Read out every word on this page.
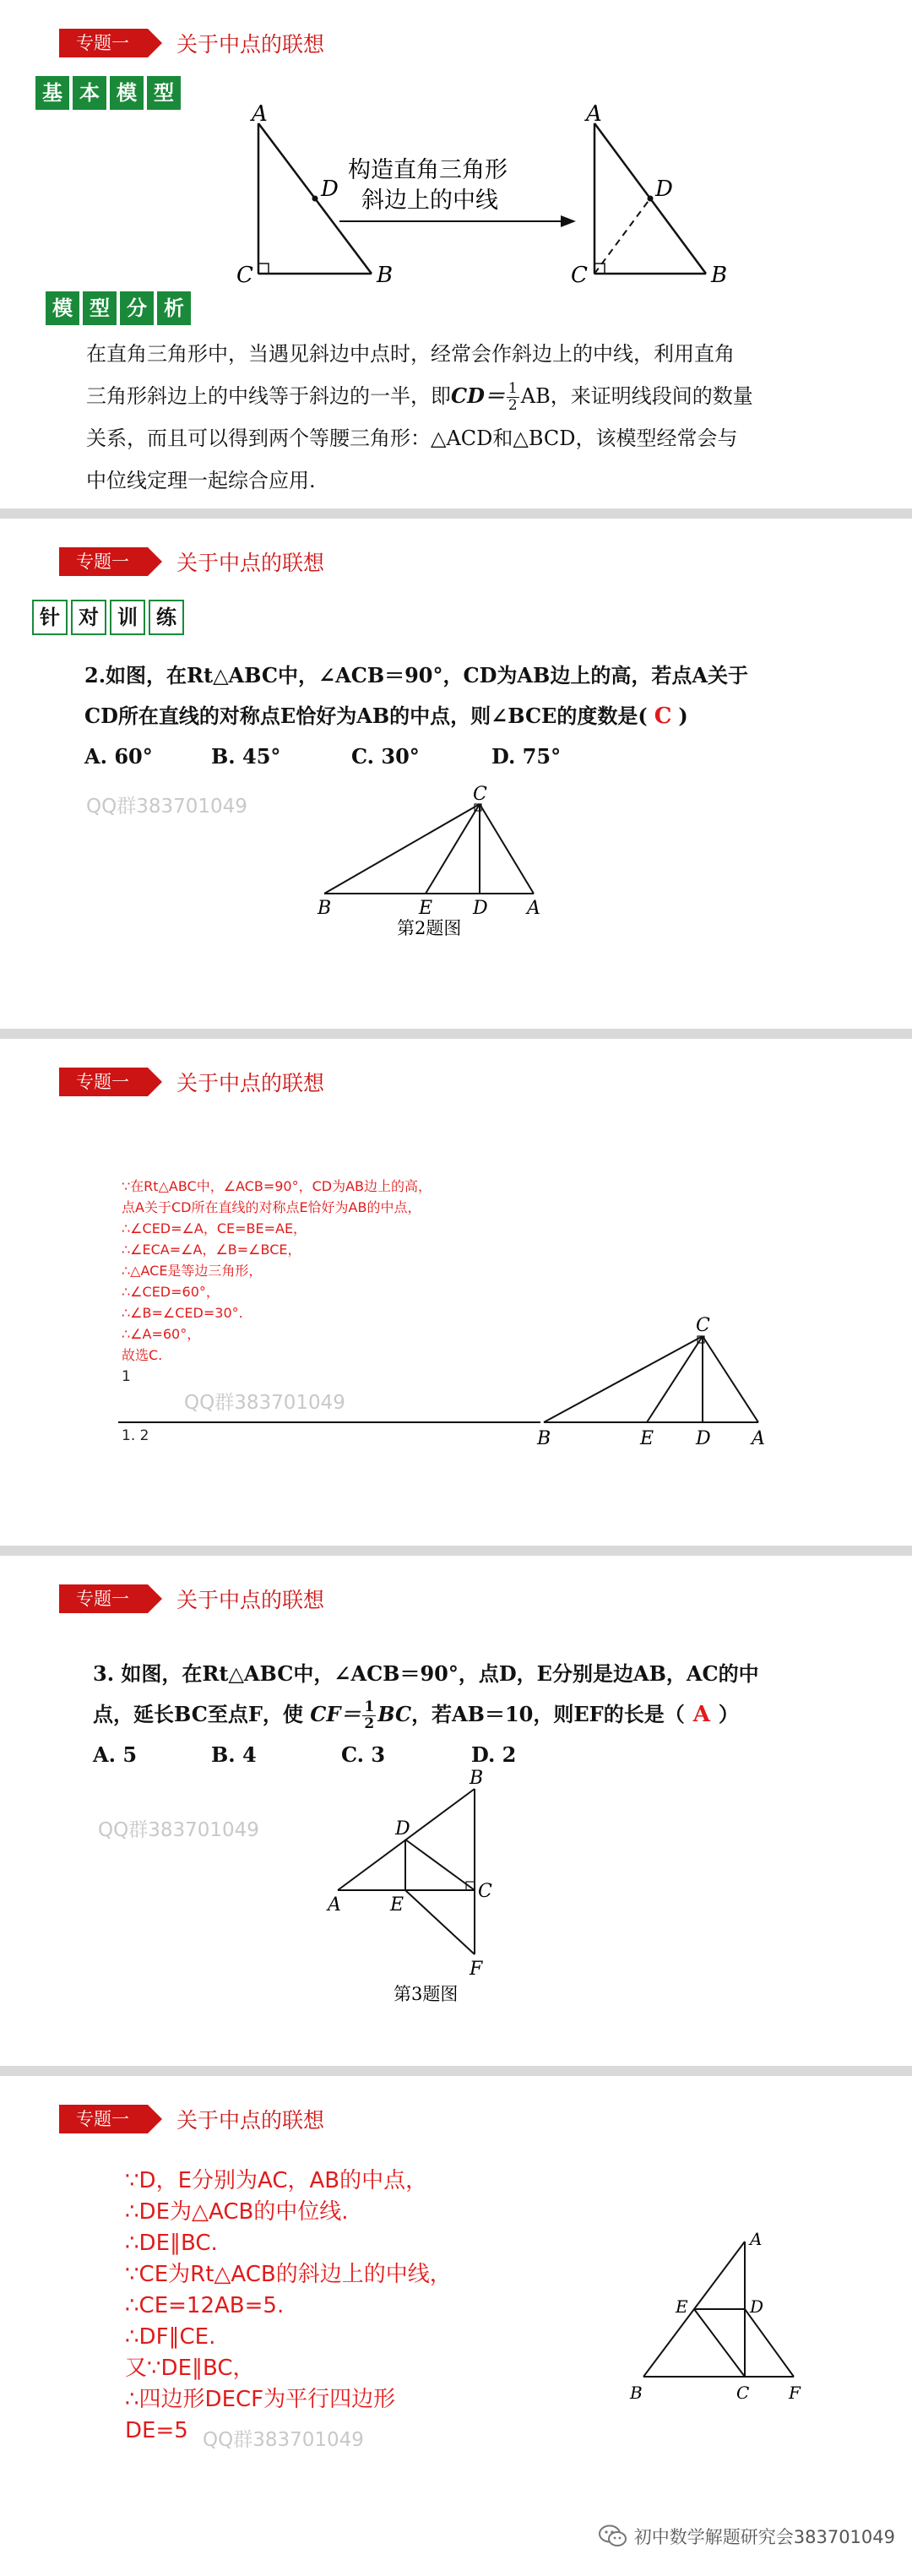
专题一	关于中点的联想
基 本 模 型
A
D
C	B
构造直角三角形
斜边上的中线
A
D
C	B
模 型 分 析
在直角三角形中，当遇见斜边中点时，经常会作斜边上的中线，利用直角
三角形斜边上的中线等于斜边的一半，即$CD= \frac{1}{2}$ AB，来证明线段间的数量
关系，而且可以得到两个等腰三角形：△ACD和△BCD，该模型经常会与
中位线定理一起综合应用.
专题一	关于中点的联想
针 对 训 练
2.如图，在Rt△ABC中，∠ACB＝90°，CD为AB边上的高，若点A关于
CD所在直线的对称点E恰好为AB的中点，则∠BCE的度数是( C )
A. 60°	B. 45°	C. 30°	D. 75°
QQ群383701049
C
B	E D A
第2题图
专题一	关于中点的联想
∵在Rt△ABC中，∠ACB=90°，CD为AB边上的高，
点A关于CD所在直线的对称点E恰好为AB的中点，
∴∠CED=∠A，CE=BE=AE，
∴∠ECA=∠A，∠B=∠BCE，
∴△ACE是等边三角形，
∴∠CED=60°，
∴∠B=∠CED=30°.
∴∠A=60°，
故选C.
1
QQ群383701049
1. 2
C
B	E D A
专题一	关于中点的联想
3. 如图，在Rt△ABC中，∠ACB＝90°，点D，E分别是边AB，AC的中
点，延长BC至点F，使 $CF= \frac{1}{2}$ BC，若AB＝10，则EF的长是（ A ）
A. 5	B. 4	C. 3	D. 2
QQ群383701049
B
D
C
A	E
F
第3题图
专题一	关于中点的联想
∵D，E分别为AC，AB的中点，
∴DE为△ACB的中位线.
∴DE∥BC.
∵CE为Rt△ACB的斜边上的中线，
∴CE=12AB=5.
∴DF∥CE.
又∵DE∥BC，
∴四边形DECF为平行四边形
DE=5 QQ群383701049
A
E	D
B	C F
初中数学解题研究会383701049
